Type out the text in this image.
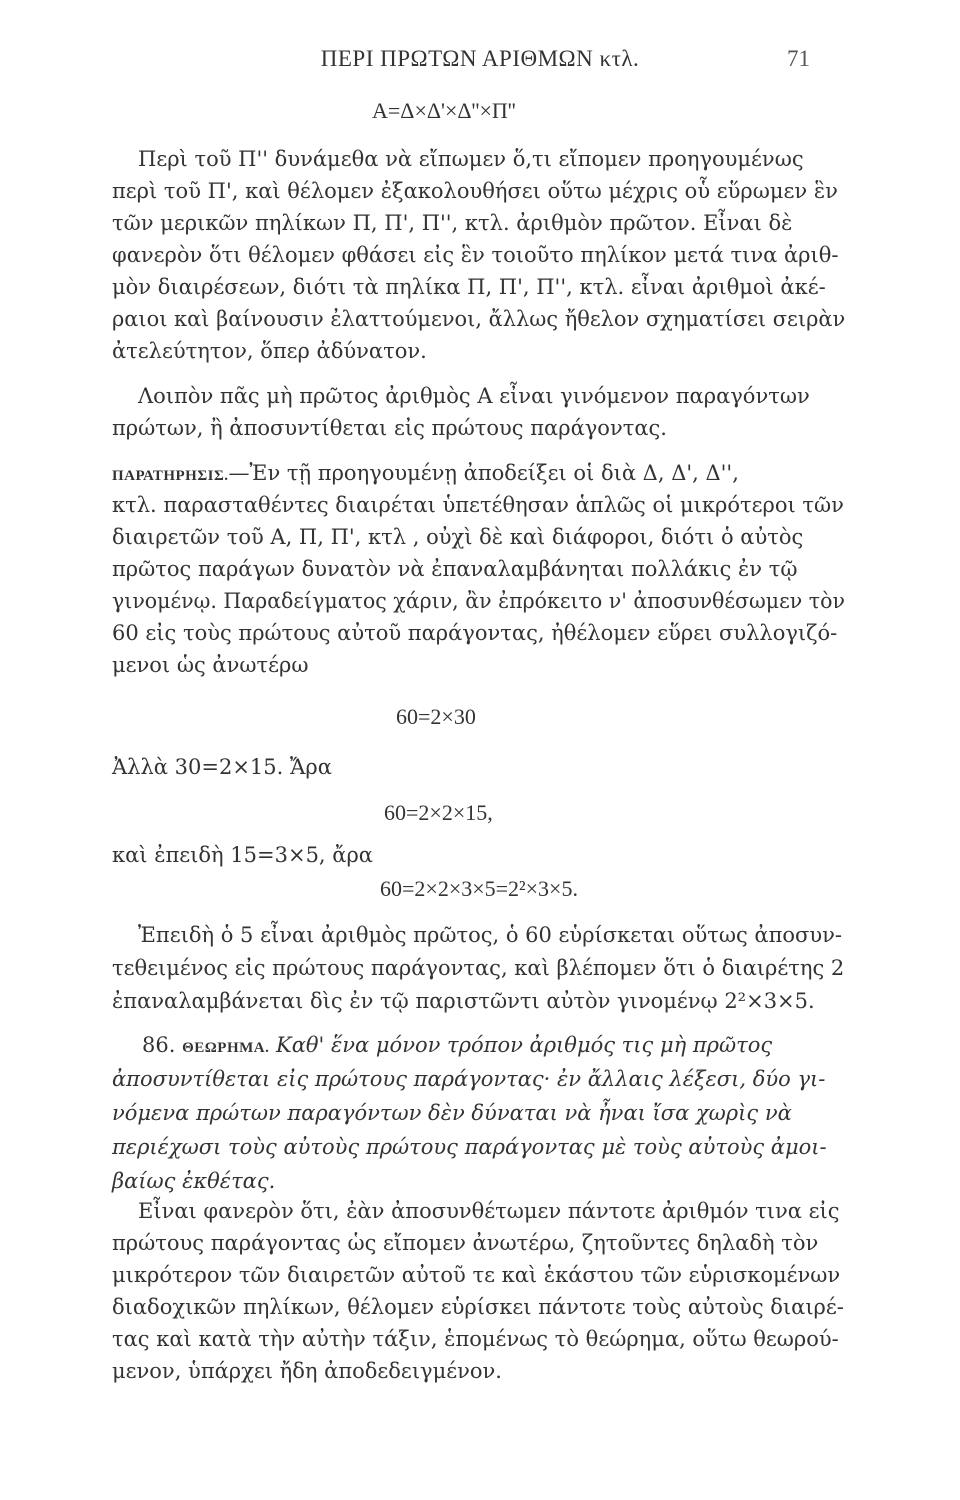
ΠΕΡΙ ΠΡΩΤΩΝ ΑΡΙΘΜΩΝ κτλ.	71
Α=Δ×Δ'×Δ''×Π''
Περὶ τοῦ Π'' δυνάμεθα νὰ εἴπωμεν ὅ,τι εἴπομεν προηγουμένως
περὶ τοῦ Π', καὶ θέλομεν ἐξακολουθήσει οὕτω μέχρις οὗ εὕρωμεν ἓν
τῶν μερικῶν πηλίκων Π, Π', Π'', κτλ. ἀριθμὸν πρῶτον. Εἶναι δὲ
φανερὸν ὅτι θέλομεν φθάσει εἰς ἓν τοιοῦτο πηλίκον μετά τινα ἀριθ-
μὸν διαιρέσεων, διότι τὰ πηλίκα Π, Π', Π'', κτλ. εἶναι ἀριθμοὶ ἀκέ-
ραιοι καὶ βαίνουσιν ἐλαττούμενοι, ἄλλως ἤθελον σχηματίσει σειρὰν
ἀτελεύτητον, ὅπερ ἀδύνατον.
Λοιπὸν πᾶς μὴ πρῶτος ἀριθμὸς Α εἶναι γινόμενον παραγόντων
πρώτων, ἢ ἀποσυντίθεται εἰς πρώτους παράγοντας.
ΠΑΡΑΤΗΡΗΣΙΣ.—Ἐν τῇ προηγουμένῃ ἀποδείξει οἱ διὰ Δ, Δ', Δ'',
κτλ. παρασταθέντες διαιρέται ὑπετέθησαν ἁπλῶς οἱ μικρότεροι τῶν
διαιρετῶν τοῦ Α, Π, Π', κτλ , οὐχὶ δὲ καὶ διάφοροι, διότι ὁ αὐτὸς
πρῶτος παράγων δυνατὸν νὰ ἐπαναλαμβάνηται πολλάκις ἐν τῷ
γινομένῳ. Παραδείγματος χάριν, ἂν ἐπρόκειτο ν' ἀποσυνθέσωμεν τὸν
60 εἰς τοὺς πρώτους αὐτοῦ παράγοντας, ἠθέλομεν εὕρει συλλογιζό-
μενοι ὡς ἀνωτέρω
60=2×30
Ἀλλὰ 30=2×15. Ἄρα
60=2×2×15,
καὶ ἐπειδὴ 15=3×5, ἄρα
60=2×2×3×5=2²×3×5.
Ἐπειδὴ ὁ 5 εἶναι ἀριθμὸς πρῶτος, ὁ 60 εὑρίσκεται οὕτως ἀποσυν-
τεθειμένος εἰς πρώτους παράγοντας, καὶ βλέπομεν ὅτι ὁ διαιρέτης 2
ἐπαναλαμβάνεται δὶς ἐν τῷ παριστῶντι αὐτὸν γινομένῳ 2²×3×5.
86. ΘΕΩΡΗΜΑ. Καθ' ἕνα μόνον τρόπον ἀριθμός τις μὴ πρῶτος
ἀποσυντίθεται εἰς πρώτους παράγοντας· ἐν ἄλλαις λέξεσι, δύο γι-
νόμενα πρώτων παραγόντων δὲν δύναται νὰ ἦναι ἴσα χωρὶς νὰ
περιέχωσι τοὺς αὐτοὺς πρώτους παράγοντας μὲ τοὺς αὐτοὺς ἀμοι-
βαίως ἐκθέτας.
Εἶναι φανερὸν ὅτι, ἐὰν ἀποσυνθέτωμεν πάντοτε ἀριθμόν τινα εἰς
πρώτους παράγοντας ὡς εἴπομεν ἀνωτέρω, ζητοῦντες δηλαδὴ τὸν
μικρότερον τῶν διαιρετῶν αὐτοῦ τε καὶ ἑκάστου τῶν εὑρισκομένων
διαδοχικῶν πηλίκων, θέλομεν εὑρίσκει πάντοτε τοὺς αὐτοὺς διαιρέ-
τας καὶ κατὰ τὴν αὐτὴν τάξιν, ἑπομένως τὸ θεώρημα, οὕτω θεωρού-
μενον, ὑπάρχει ἤδη ἀποδεδειγμένον.
